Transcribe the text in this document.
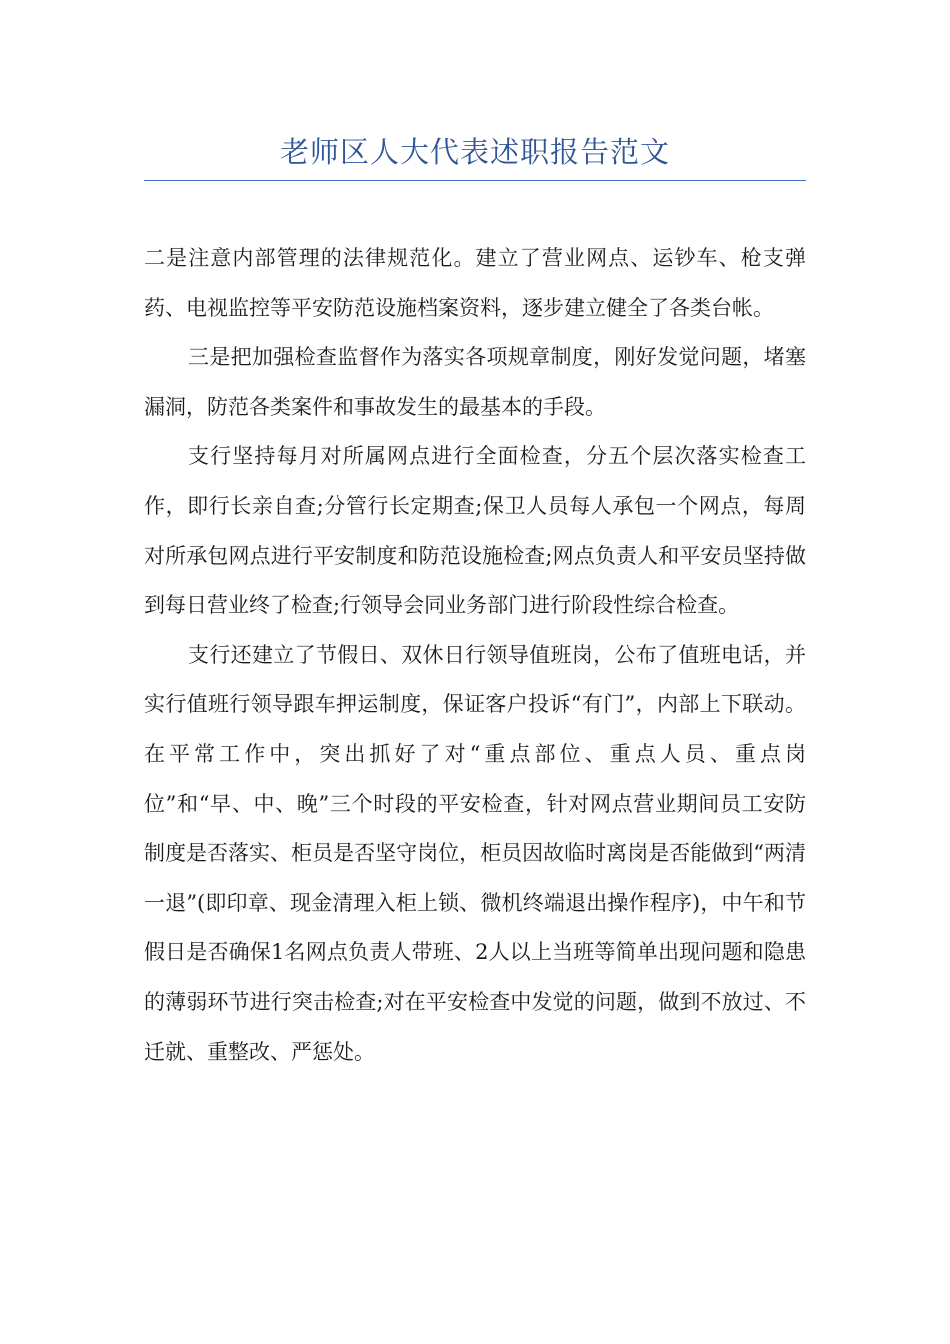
老师区人大代表述职报告范文

二是注意内部管理的法律规范化。建立了营业网点、运钞车、枪支弹药、电视监控等平安防范设施档案资料，逐步建立健全了各类台帐。

三是把加强检查监督作为落实各项规章制度，刚好发觉问题，堵塞漏洞，防范各类案件和事故发生的最基本的手段。

支行坚持每月对所属网点进行全面检查，分五个层次落实检查工作，即行长亲自查;分管行长定期查;保卫人员每人承包一个网点，每周对所承包网点进行平安制度和防范设施检查;网点负责人和平安员坚持做到每日营业终了检查;行领导会同业务部门进行阶段性综合检查。

支行还建立了节假日、双休日行领导值班岗，公布了值班电话，并实行值班行领导跟车押运制度，保证客户投诉“有门”，内部上下联动。在平常工作中，突出抓好了对“重点部位、重点人员、重点岗位”和“早、中、晚”三个时段的平安检查，针对网点营业期间员工安防制度是否落实、柜员是否坚守岗位，柜员因故临时离岗是否能做到“两清一退”(即印章、现金清理入柜上锁、微机终端退出操作程序)，中午和节假日是否确保1名网点负责人带班、2人以上当班等简单出现问题和隐患的薄弱环节进行突击检查;对在平安检查中发觉的问题，做到不放过、不迁就、重整改、严惩处。
